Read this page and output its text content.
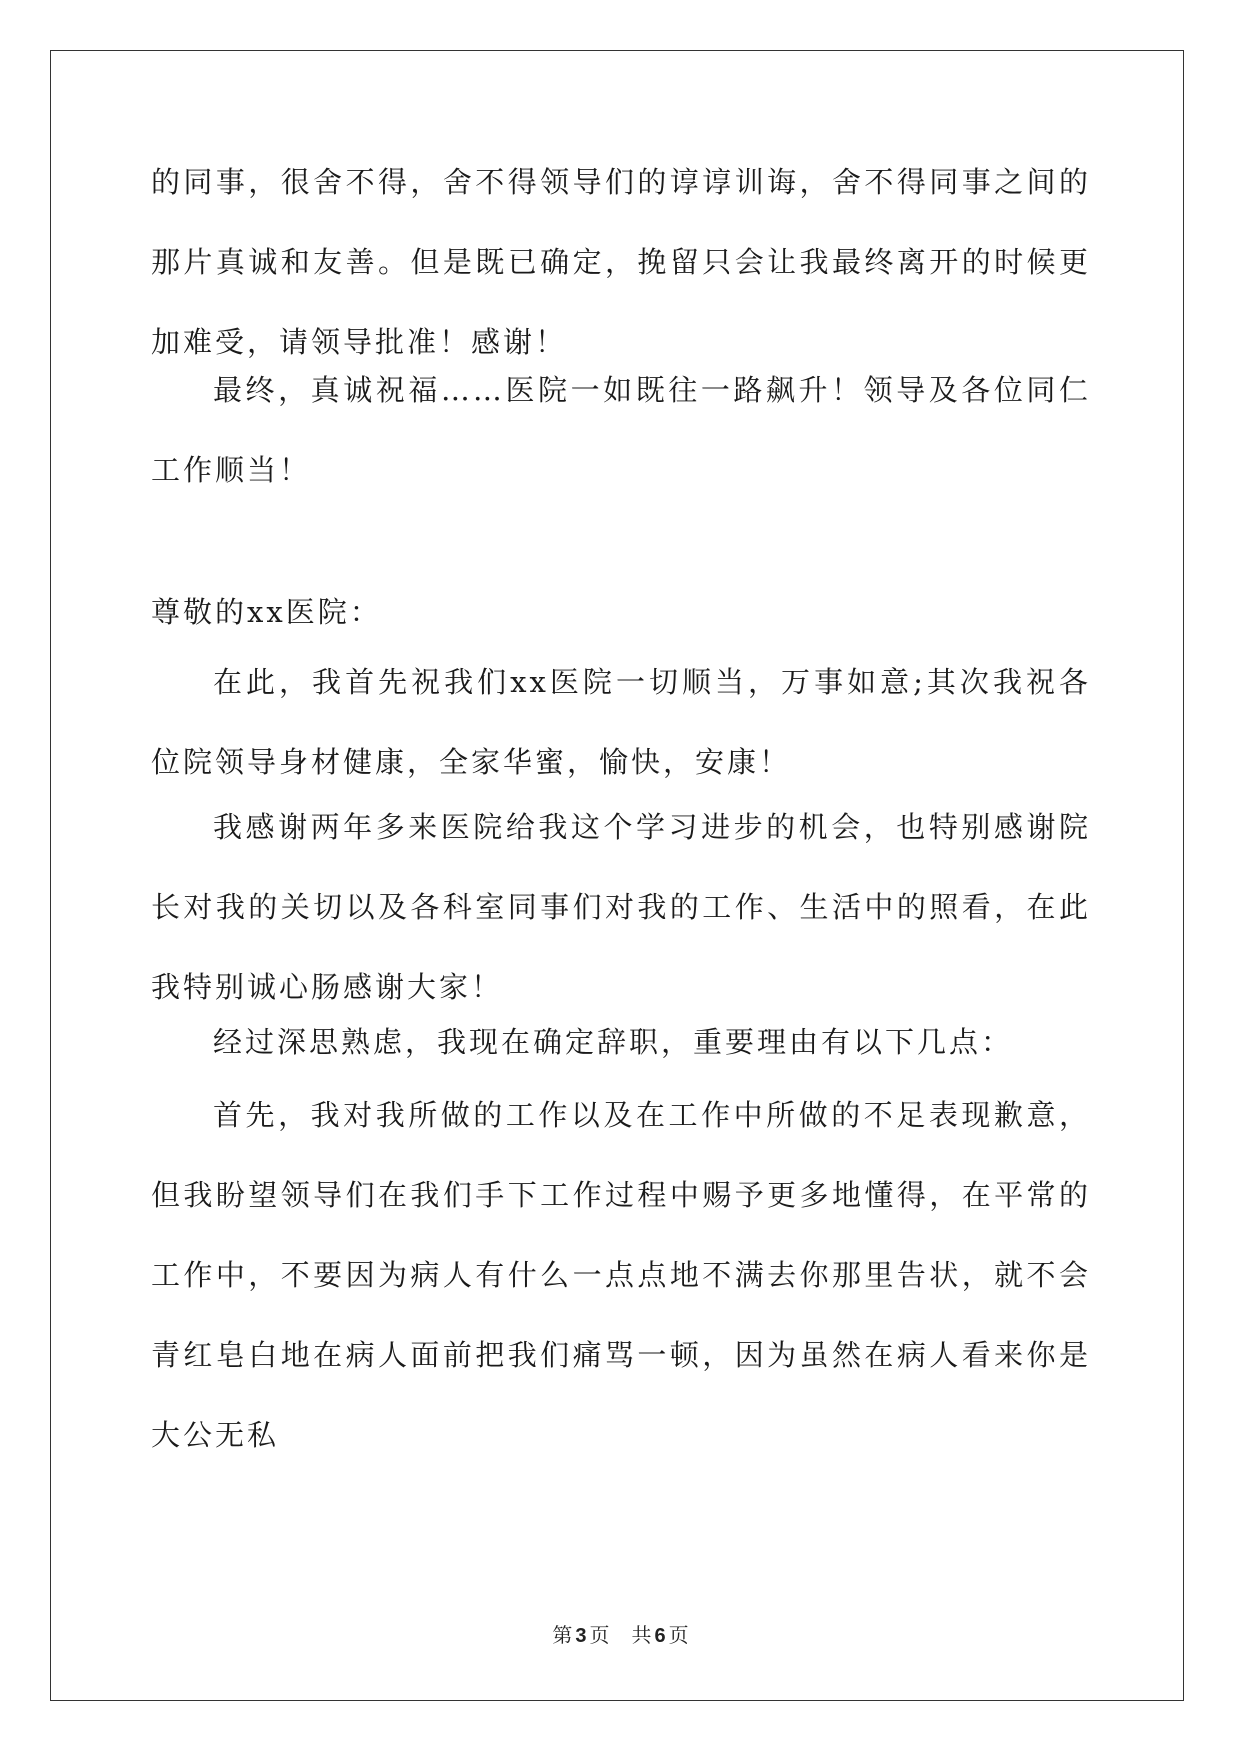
的同事，很舍不得，舍不得领导们的谆谆训诲，舍不得同事之间的那片真诚和友善。但是既已确定，挽留只会让我最终离开的时候更加难受，请领导批准！感谢！

最终，真诚祝福……医院一如既往一路飙升！领导及各位同仁工作顺当！

尊敬的xx医院：

在此，我首先祝我们xx医院一切顺当，万事如意;其次我祝各位院领导身材健康，全家华蜜，愉快，安康！

我感谢两年多来医院给我这个学习进步的机会，也特别感谢院长对我的关切以及各科室同事们对我的工作、生活中的照看，在此我特别诚心肠感谢大家！

经过深思熟虑，我现在确定辞职，重要理由有以下几点：

首先，我对我所做的工作以及在工作中所做的不足表现歉意，但我盼望领导们在我们手下工作过程中赐予更多地懂得，在平常的工作中，不要因为病人有什么一点点地不满去你那里告状，就不会青红皂白地在病人面前把我们痛骂一顿，因为虽然在病人看来你是大公无私

第 3 页 共 6 页
